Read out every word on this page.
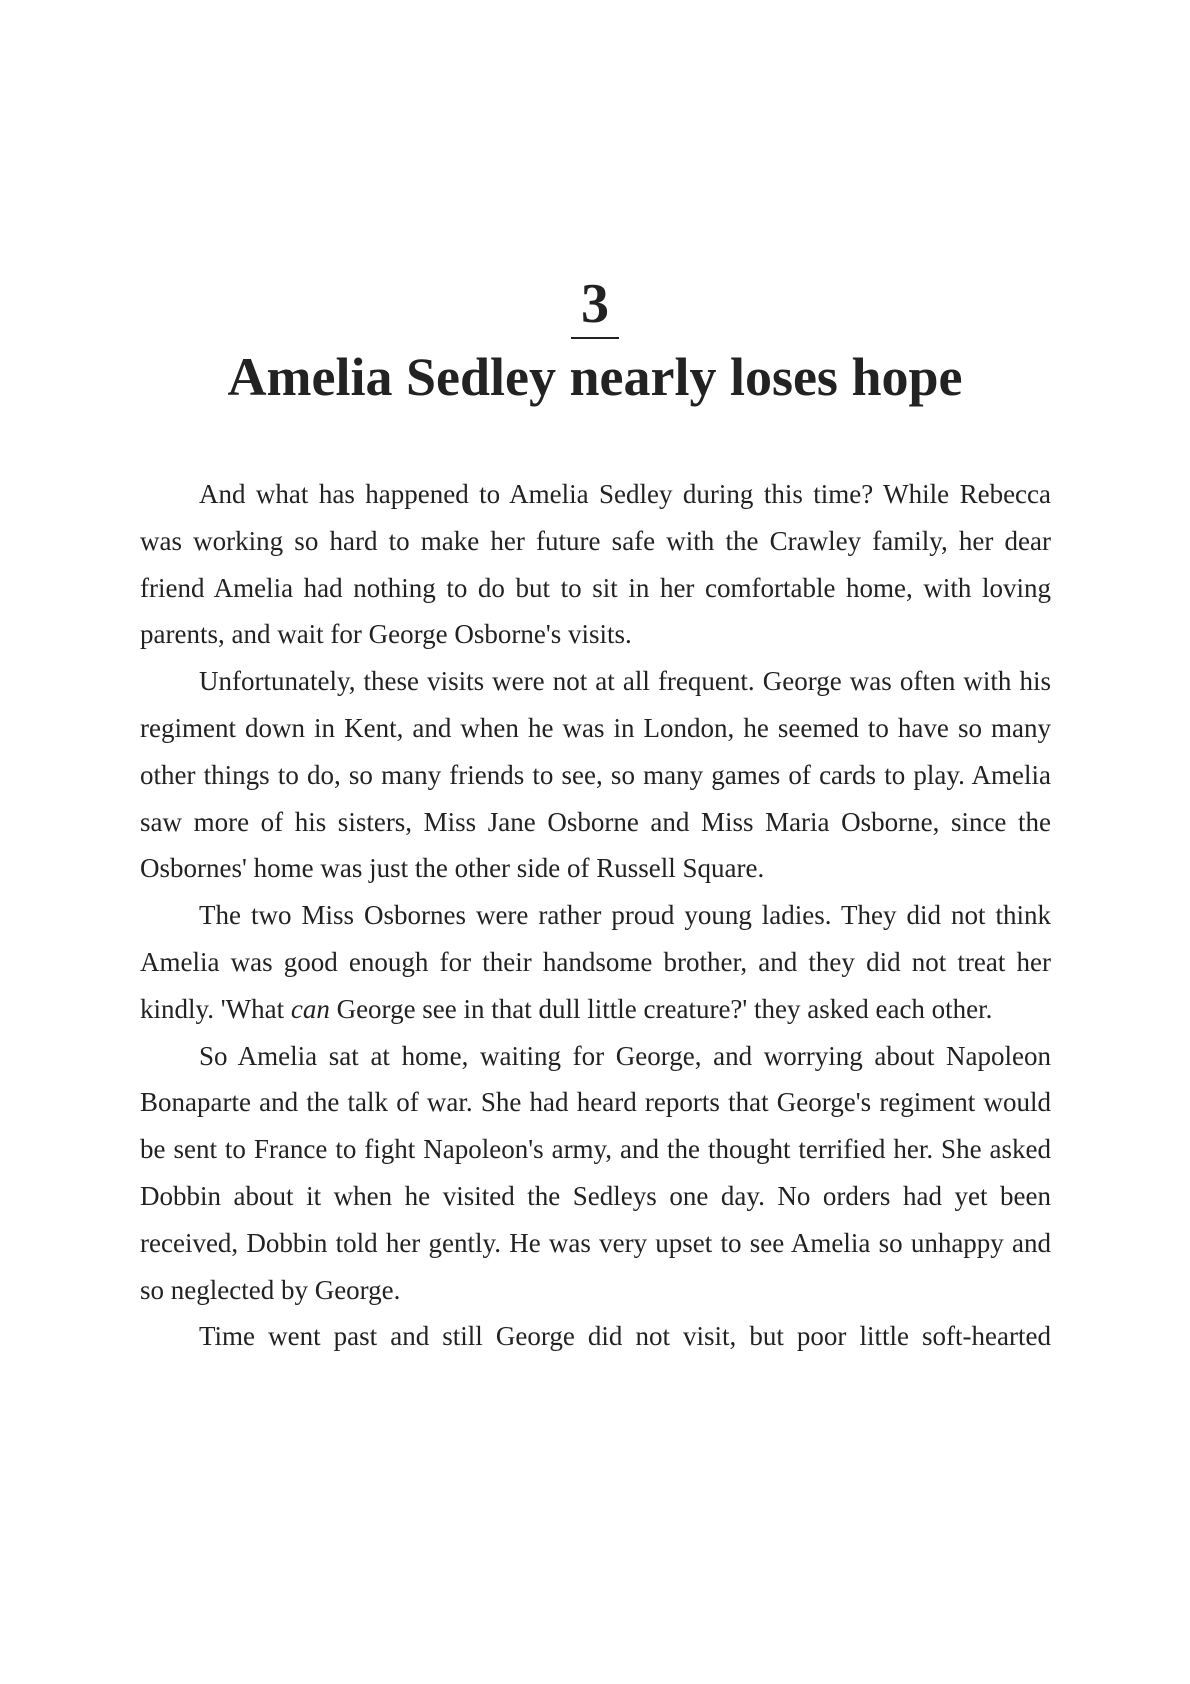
3
Amelia Sedley nearly loses hope

And what has happened to Amelia Sedley during this time? While Rebecca was working so hard to make her future safe with the Crawley family, her dear friend Amelia had nothing to do but to sit in her comfortable home, with loving parents, and wait for George Osborne's visits.

Unfortunately, these visits were not at all frequent. George was often with his regiment down in Kent, and when he was in London, he seemed to have so many other things to do, so many friends to see, so many games of cards to play. Amelia saw more of his sisters, Miss Jane Osborne and Miss Maria Osborne, since the Osbornes' home was just the other side of Russell Square.

The two Miss Osbornes were rather proud young ladies. They did not think Amelia was good enough for their handsome brother, and they did not treat her kindly. 'What can George see in that dull little creature?' they asked each other.

So Amelia sat at home, waiting for George, and worrying about Napoleon Bonaparte and the talk of war. She had heard reports that George's regiment would be sent to France to fight Napoleon's army, and the thought terrified her. She asked Dobbin about it when he visited the Sedleys one day. No orders had yet been received, Dobbin told her gently. He was very upset to see Amelia so unhappy and so neglected by George.

Time went past and still George did not visit, but poor little soft-hearted
